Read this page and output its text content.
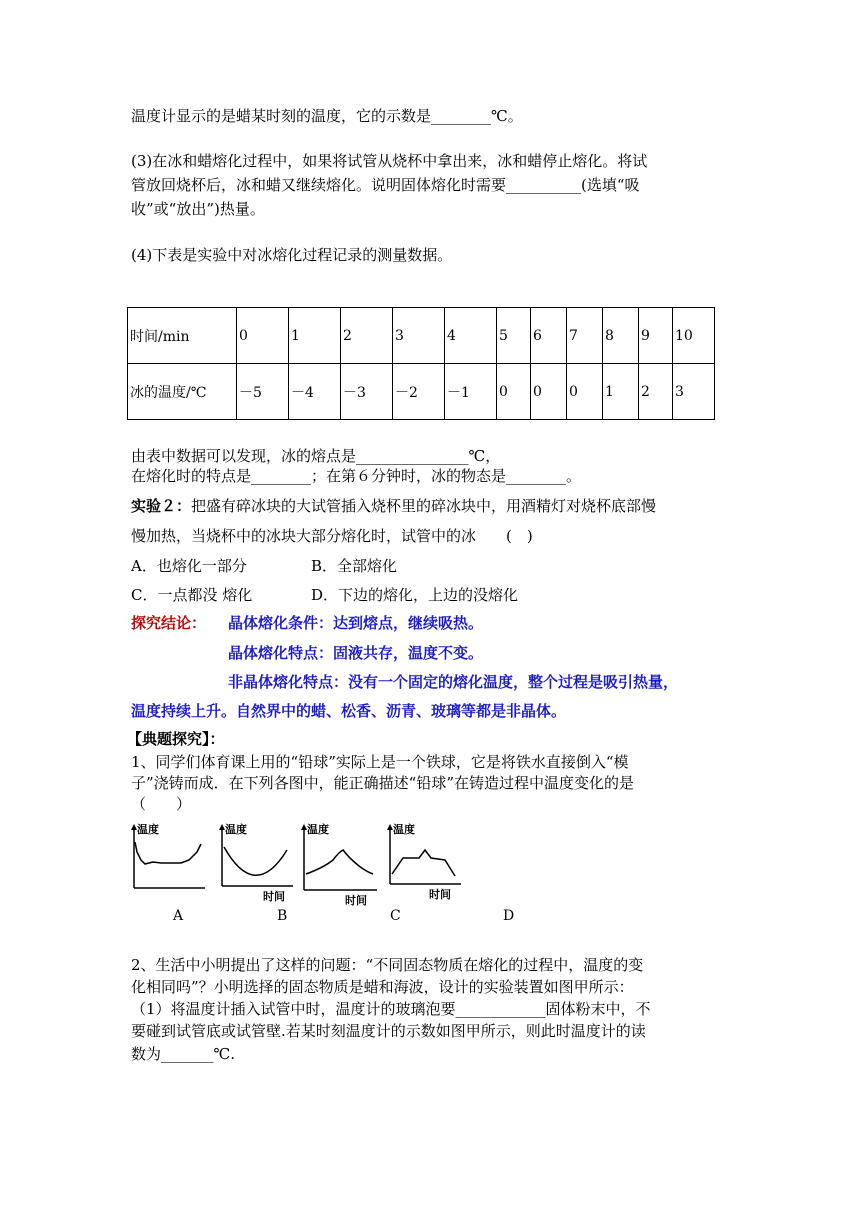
温度计显示的是蜡某时刻的温度，它的示数是________℃。
(3)在冰和蜡熔化过程中，如果将试管从烧杯中拿出来，冰和蜡停止熔化。将试
管放回烧杯后，冰和蜡又继续熔化。说明固体熔化时需要__________(选填“吸
收”或“放出”)热量。
(4)下表是实验中对冰熔化过程记录的测量数据。
时间/min	0	1	2	3	4	5	6	7	8	9	10
冰的温度/℃	－5	－4	－3	－2	－1	0	0	0	1	2	3
由表中数据可以发现，冰的熔点是_______________℃，
在熔化时的特点是________；在第６分钟时，冰的物态是________。
实验２：把盛有碎冰块的大试管插入烧杯里的碎冰块中，用酒精灯对烧杯底部慢
慢加热，当烧杯中的冰块大部分熔化时，试管中的冰　　(　)
A．也熔化一部分	B．全部熔化
C．一点都没 熔化	D．下边的熔化，上边的没熔化
探究结论： 晶体熔化条件：达到熔点，继续吸热。
晶体熔化特点：固液共存，温度不变。
非晶体熔化特点：没有一个固定的熔化温度，整个过程是吸引热量，
温度持续上升。自然界中的蜡、松香、沥青、玻璃等都是非晶体。
【典题探究】：
1、同学们体育课上用的“铅球”实际上是一个铁球，它是将铁水直接倒入“模
子”浇铸而成．在下列各图中，能正确描述“铅球”在铸造过程中温度变化的是
（　　）
温度	温度
时间
温度
时间
温度
时间
A	B	C	D
2、生活中小明提出了这样的问题：“不同固态物质在熔化的过程中，温度的变
化相同吗”？小明选择的固态物质是蜡和海波，设计的实验装置如图甲所示：
（1）将温度计插入试管中时，温度计的玻璃泡要____________固体粉末中，不
要碰到试管底或试管壁.若某时刻温度计的示数如图甲所示，则此时温度计的读
数为_______℃.
